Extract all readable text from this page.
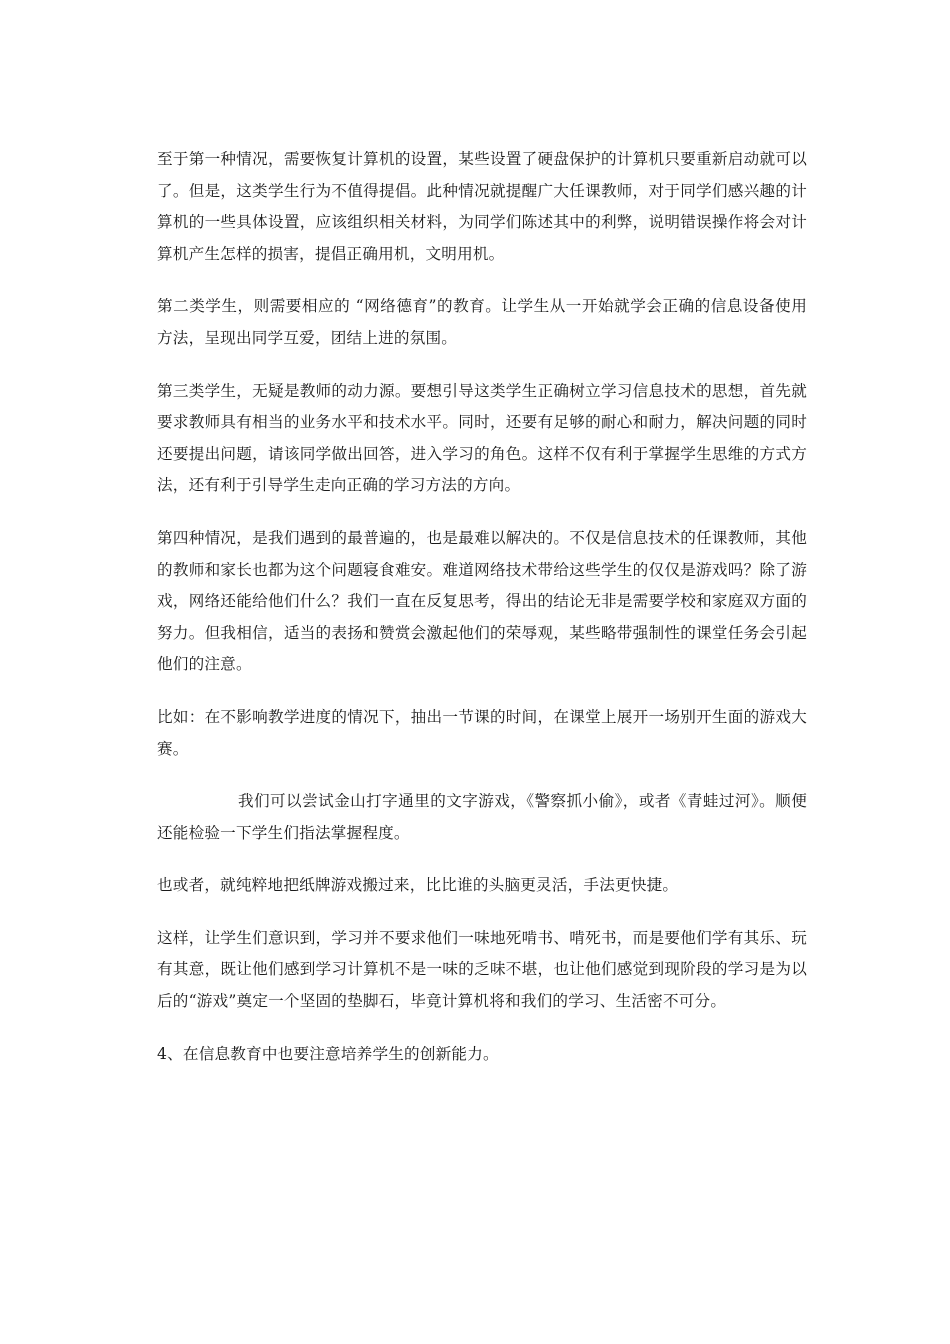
至于第一种情况，需要恢复计算机的设置，某些设置了硬盘保护的计算机只要重新启动就可以了。但是，这类学生行为不值得提倡。此种情况就提醒广大任课教师，对于同学们感兴趣的计算机的一些具体设置，应该组织相关材料，为同学们陈述其中的利弊，说明错误操作将会对计算机产生怎样的损害，提倡正确用机，文明用机。

第二类学生，则需要相应的 “网络德育”的教育。让学生从一开始就学会正确的信息设备使用方法，呈现出同学互爱，团结上进的氛围。

第三类学生，无疑是教师的动力源。要想引导这类学生正确树立学习信息技术的思想，首先就要求教师具有相当的业务水平和技术水平。同时，还要有足够的耐心和耐力，解决问题的同时还要提出问题，请该同学做出回答，进入学习的角色。这样不仅有利于掌握学生思维的方式方法，还有利于引导学生走向正确的学习方法的方向。

第四种情况，是我们遇到的最普遍的，也是最难以解决的。不仅是信息技术的任课教师，其他的教师和家长也都为这个问题寝食难安。难道网络技术带给这些学生的仅仅是游戏吗？除了游戏，网络还能给他们什么？我们一直在反复思考，得出的结论无非是需要学校和家庭双方面的努力。但我相信，适当的表扬和赞赏会激起他们的荣辱观，某些略带强制性的课堂任务会引起他们的注意。

比如：在不影响教学进度的情况下，抽出一节课的时间，在课堂上展开一场别开生面的游戏大赛。

我们可以尝试金山打字通里的文字游戏，《警察抓小偷》，或者《青蛙过河》。顺便还能检验一下学生们指法掌握程度。

也或者，就纯粹地把纸牌游戏搬过来，比比谁的头脑更灵活，手法更快捷。

这样，让学生们意识到，学习并不要求他们一味地死啃书、啃死书，而是要他们学有其乐、玩有其意，既让他们感到学习计算机不是一味的乏味不堪，也让他们感觉到现阶段的学习是为以后的“游戏”奠定一个坚固的垫脚石，毕竟计算机将和我们的学习、生活密不可分。

4、在信息教育中也要注意培养学生的创新能力。
